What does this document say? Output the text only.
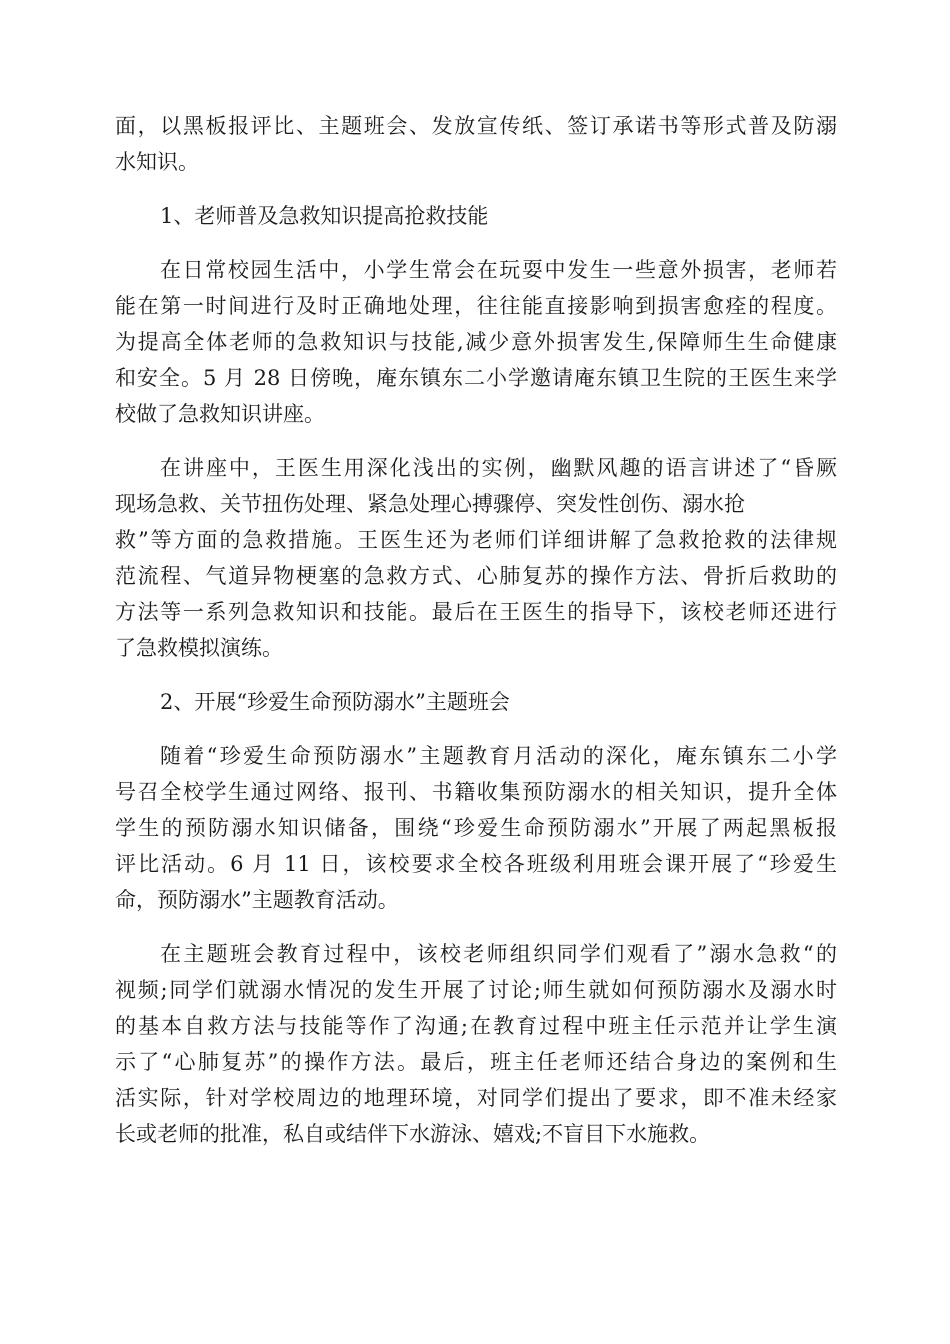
面，以黑板报评比、主题班会、发放宣传纸、签订承诺书等形式普及防溺
水知识。
1、老师普及急救知识提高抢救技能
在日常校园生活中，小学生常会在玩耍中发生一些意外损害，老师若
能在第一时间进行及时正确地处理，往往能直接影响到损害愈痊的程度。
为提高全体老师的急救知识与技能,减少意外损害发生,保障师生生命健康
和安全。5 月 28 日傍晚，庵东镇东二小学邀请庵东镇卫生院的王医生来学
校做了急救知识讲座。
在讲座中，王医生用深化浅出的实例，幽默风趣的语言讲述了“昏厥
现场急救、关节扭伤处理、紧急处理心搏骤停、突发性创伤、溺水抢
救”等方面的急救措施。王医生还为老师们详细讲解了急救抢救的法律规
范流程、气道异物梗塞的急救方式、心肺复苏的操作方法、骨折后救助的
方法等一系列急救知识和技能。最后在王医生的指导下，该校老师还进行
了急救模拟演练。
2、开展“珍爱生命预防溺水”主题班会
随着“珍爱生命预防溺水”主题教育月活动的深化，庵东镇东二小学
号召全校学生通过网络、报刊、书籍收集预防溺水的相关知识，提升全体
学生的预防溺水知识储备，围绕“珍爱生命预防溺水”开展了两起黑板报
评比活动。6 月 11 日，该校要求全校各班级利用班会课开展了“珍爱生
命，预防溺水”主题教育活动。
在主题班会教育过程中，该校老师组织同学们观看了”溺水急救“的
视频;同学们就溺水情况的发生开展了讨论;师生就如何预防溺水及溺水时
的基本自救方法与技能等作了沟通;在教育过程中班主任示范并让学生演
示了“心肺复苏”的操作方法。最后，班主任老师还结合身边的案例和生
活实际，针对学校周边的地理环境，对同学们提出了要求，即不准未经家
长或老师的批准，私自或结伴下水游泳、嬉戏;不盲目下水施救。
